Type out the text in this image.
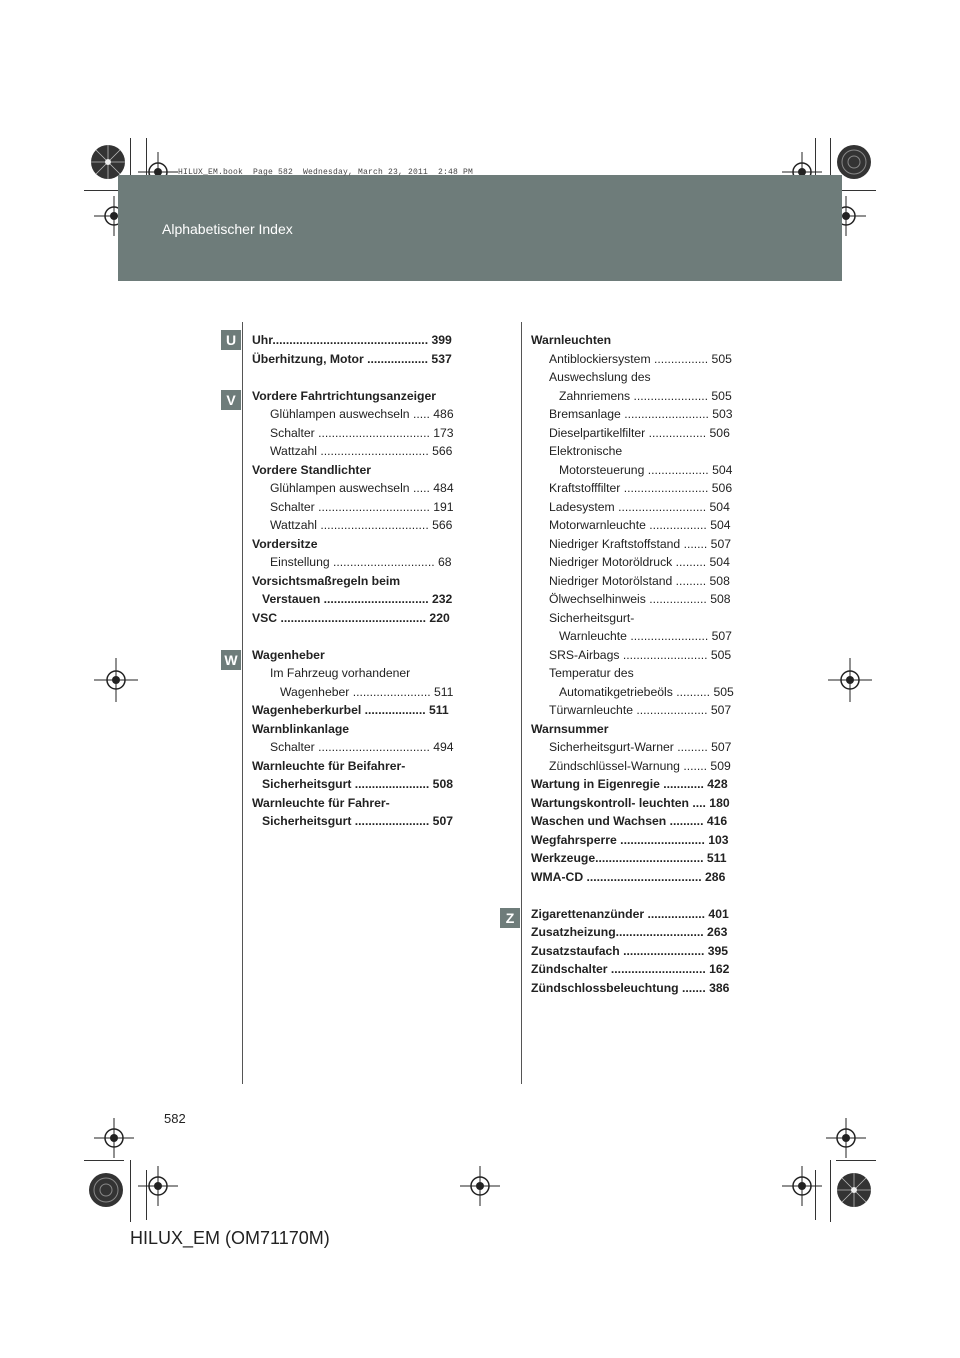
Alphabetischer Index
HILUX_EM.book  Page 582  Wednesday, March 23, 2011  2:48 PM
U
V
W
Z
Uhr.............................................. 399
Überhitzung, Motor .................. 537
Vordere Fahrtrichtungsanzeiger
Glühlampen auswechseln ..... 486
Schalter ................................. 173
Wattzahl ................................ 566
Vordere Standlichter
Glühlampen auswechseln ..... 484
Schalter ................................. 191
Wattzahl ................................ 566
Vordersitze
Einstellung .............................. 68
Vorsichtsmaßregeln beim
Verstauen ............................... 232
VSC ........................................... 220
Wagenheber
Im Fahrzeug vorhandener
Wagenheber ....................... 511
Wagenheberkurbel .................. 511
Warnblinkanlage
Schalter ................................. 494
Warnleuchte für Beifahrer-
Sicherheitsgurt ...................... 508
Warnleuchte für Fahrer-
Sicherheitsgurt ...................... 507
Warnleuchten
Antiblockiersystem ................ 505
Auswechslung des
Zahnriemens ...................... 505
Bremsanlage ......................... 503
Dieselpartikelfilter ................. 506
Elektronische
Motorsteuerung .................. 504
Kraftstofffilter ......................... 506
Ladesystem .......................... 504
Motorwarnleuchte ................. 504
Niedriger Kraftstoffstand ....... 507
Niedriger Motoröldruck ......... 504
Niedriger Motorölstand ......... 508
Ölwechselhinweis ................. 508
Sicherheitsgurt-
Warnleuchte ....................... 507
SRS-Airbags ......................... 505
Temperatur des
Automatikgetriebeöls .......... 505
Türwarnleuchte ..................... 507
Warnsummer
Sicherheitsgurt-Warner ......... 507
Zündschlüssel-Warnung ....... 509
Wartung in Eigenregie ............ 428
Wartungskontroll- leuchten .... 180
Waschen und Wachsen .......... 416
Wegfahrsperre ......................... 103
Werkzeuge................................ 511
WMA-CD .................................. 286
Zigarettenanzünder ................. 401
Zusatzheizung.......................... 263
Zusatzstaufach ........................ 395
Zündschalter ............................ 162
Zündschlossbeleuchtung ....... 386
582
HILUX_EM (OM71170M)
